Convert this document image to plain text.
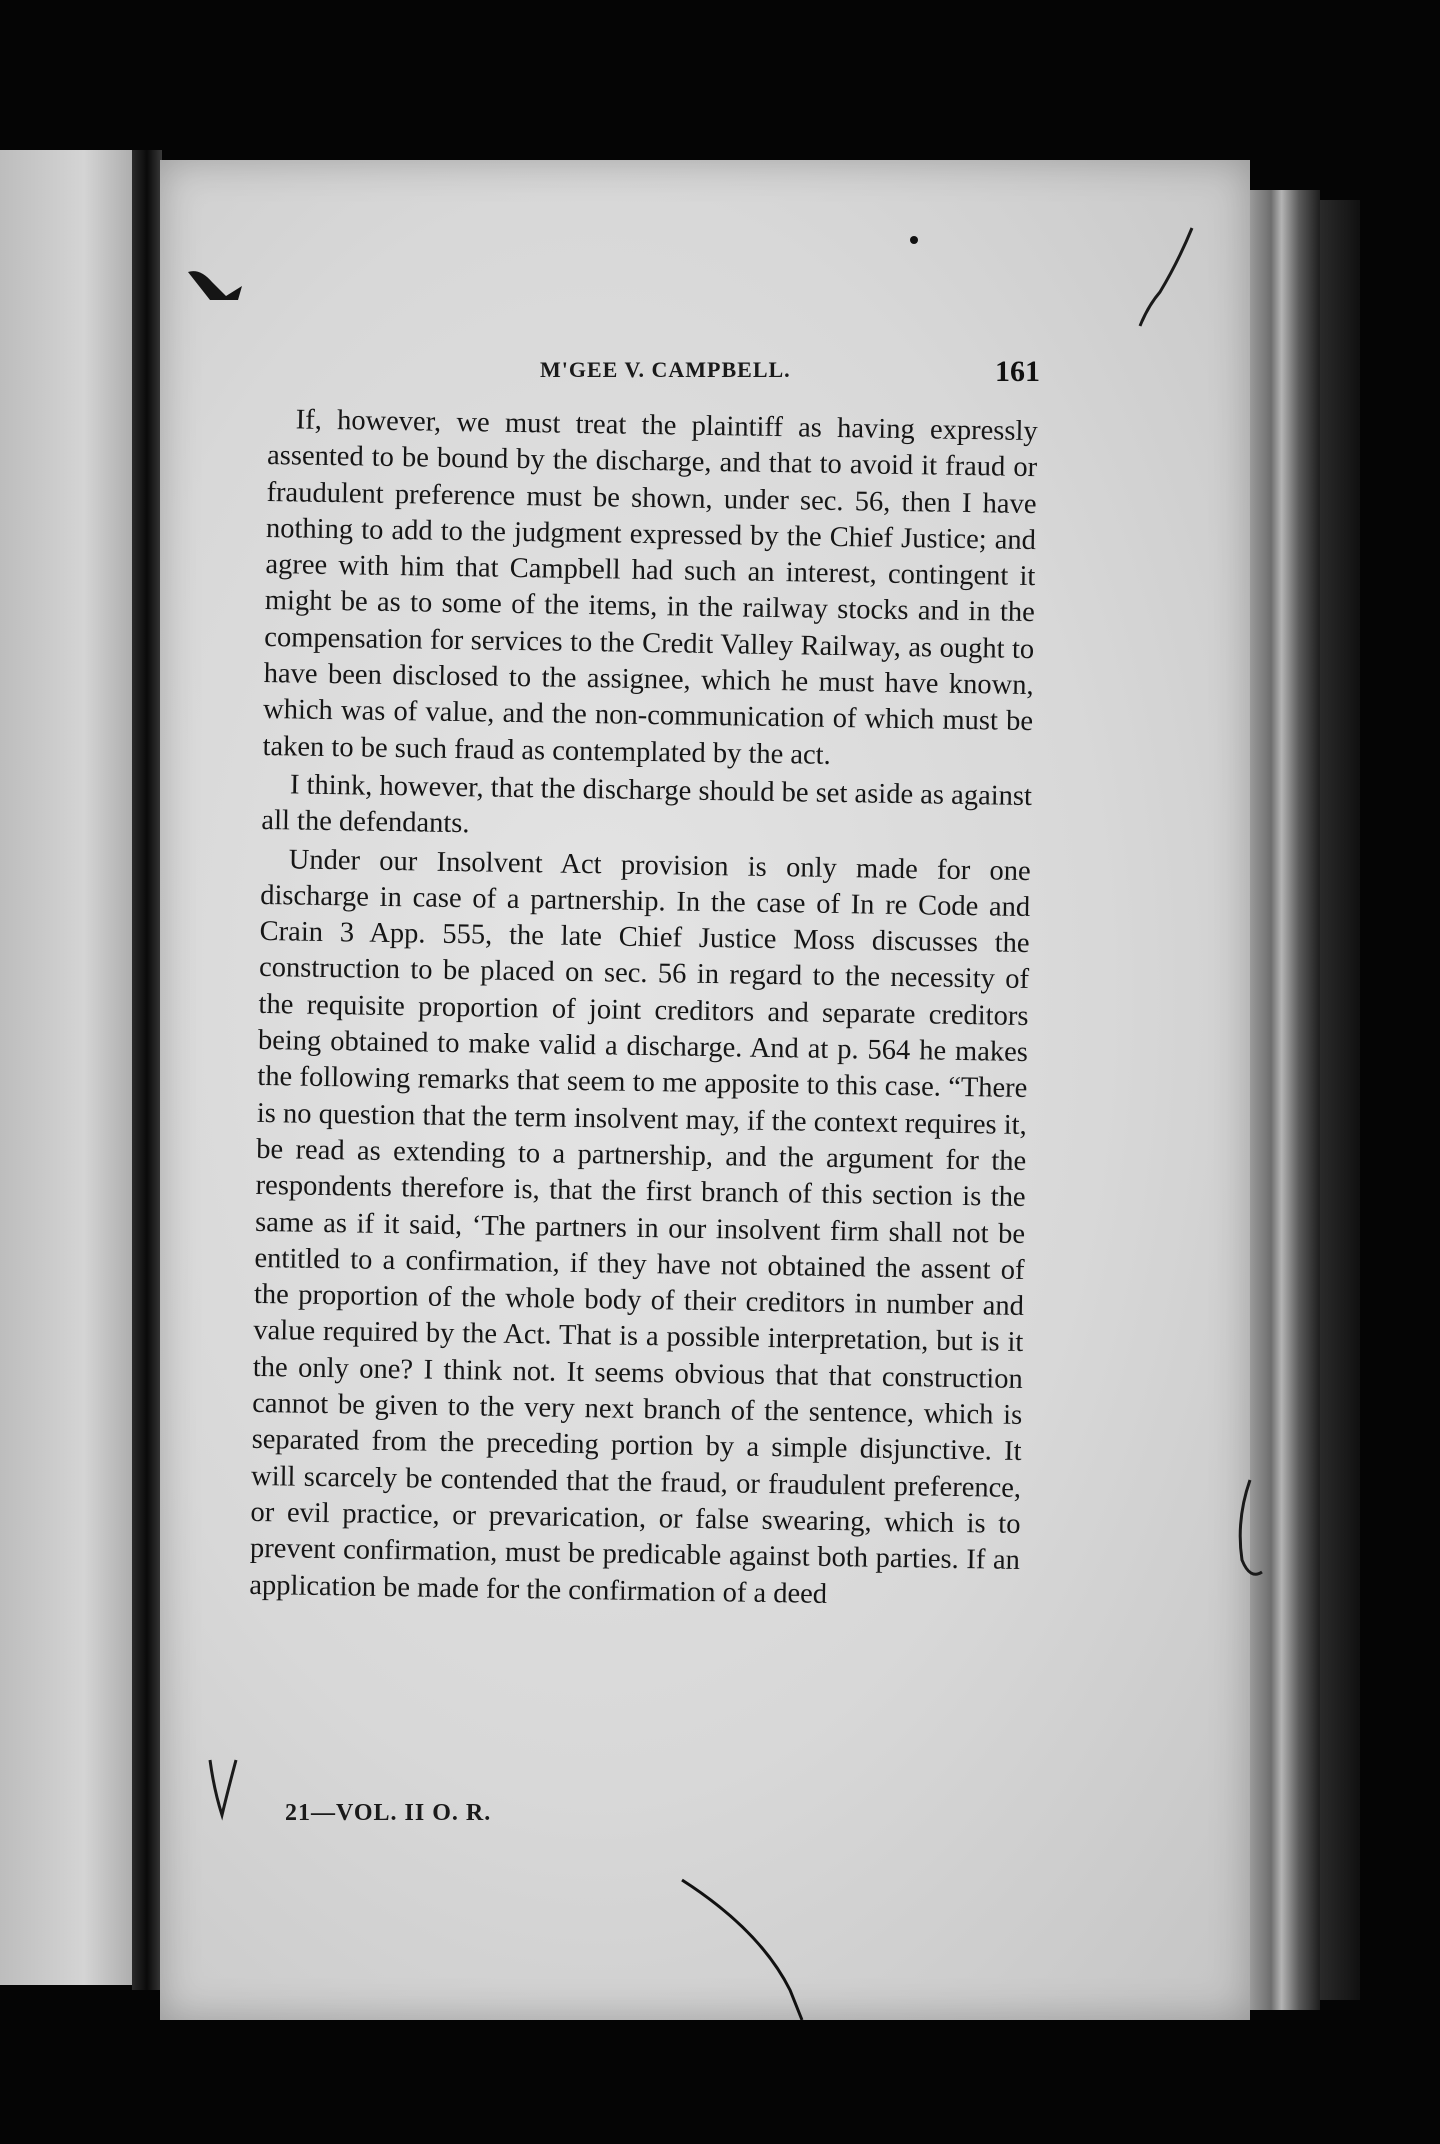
M'GEE V. CAMPBELL.	161

If, however, we must treat the plaintiff as having expressly assented to be bound by the discharge, and that to avoid it fraud or fraudulent preference must be shown, under sec. 56, then I have nothing to add to the judgment expressed by the Chief Justice; and agree with him that Campbell had such an interest, contingent it might be as to some of the items, in the railway stocks and in the compensation for services to the Credit Valley Railway, as ought to have been disclosed to the assignee, which he must have known, which was of value, and the non-communication of which must be taken to be such fraud as contemplated by the act.

I think, however, that the discharge should be set aside as against all the defendants.

Under our Insolvent Act provision is only made for one discharge in case of a partnership. In the case of In re Code and Crain 3 App. 555, the late Chief Justice Moss discusses the construction to be placed on sec. 56 in regard to the necessity of the requisite proportion of joint creditors and separate creditors being obtained to make valid a discharge. And at p. 564 he makes the following remarks that seem to me apposite to this case. “There is no question that the term insolvent may, if the context requires it, be read as extending to a partnership, and the argument for the respondents therefore is, that the first branch of this section is the same as if it said, ‘The partners in our insolvent firm shall not be entitled to a confirmation, if they have not obtained the assent of the proportion of the whole body of their creditors in number and value required by the Act. That is a possible interpretation, but is it the only one? I think not. It seems obvious that that construction cannot be given to the very next branch of the sentence, which is separated from the preceding portion by a simple disjunctive. It will scarcely be contended that the fraud, or fraudulent preference, or evil practice, or prevarication, or false swearing, which is to prevent confirmation, must be predicable against both parties. If an application be made for the confirmation of a deed

21—VOL. II O. R.
